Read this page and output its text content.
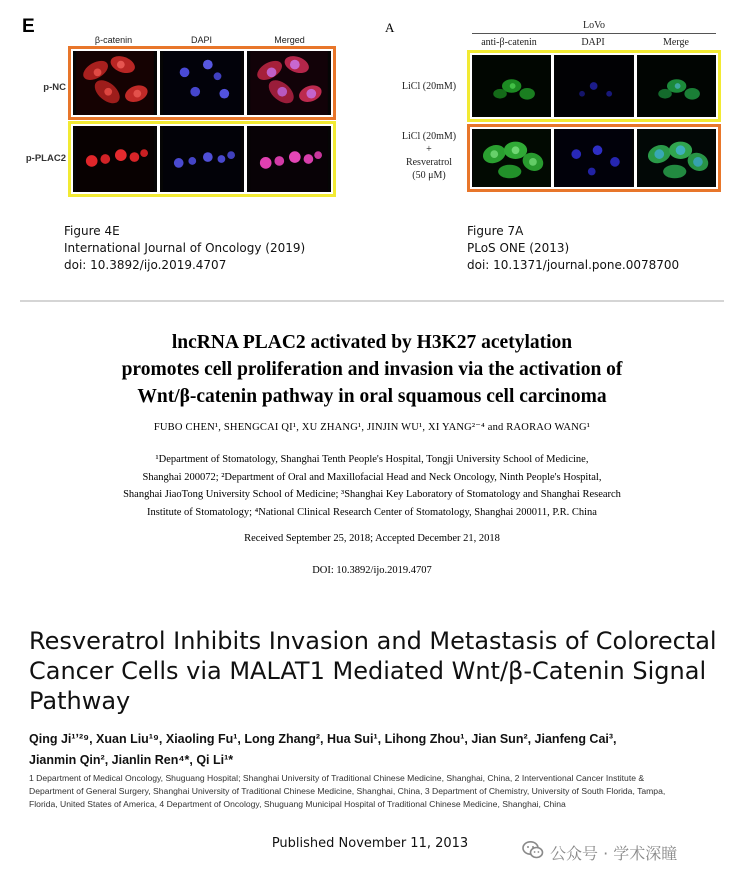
E
β-catenin	DAPI	Merged
p-NC
p-PLAC2
Figure 4E
International Journal of Oncology (2019)
doi: 10.3892/ijo.2019.4707
A	LoVo
anti-β-catenin	DAPI	Merge
LiCl (20mM)
LiCl (20mM)
+
Resveratrol
(50 μM)
Figure 7A
PLoS ONE (2013)
doi: 10.1371/journal.pone.0078700
lncRNA PLAC2 activated by H3K27 acetylation
promotes cell proliferation and invasion via the activation of
Wnt/β-catenin pathway in oral squamous cell carcinoma
FUBO CHEN¹, SHENGCAI QI¹, XU ZHANG¹, JINJIN WU¹, XI YANG²⁻⁴ and RAORAO WANG¹
¹Department of Stomatology, Shanghai Tenth People's Hospital, Tongji University School of Medicine,
Shanghai 200072; ²Department of Oral and Maxillofacial Head and Neck Oncology, Ninth People's Hospital,
Shanghai JiaoTong University School of Medicine; ³Shanghai Key Laboratory of Stomatology and Shanghai Research
Institute of Stomatology; ⁴National Clinical Research Center of Stomatology, Shanghai 200011, P.R. China
Received September 25, 2018; Accepted December 21, 2018
DOI: 10.3892/ijo.2019.4707
Resveratrol Inhibits Invasion and Metastasis of Colorectal
Cancer Cells via MALAT1 Mediated Wnt/β-Catenin Signal
Pathway
Qing Ji¹ʼ²⁹, Xuan Liu¹⁹, Xiaoling Fu¹, Long Zhang², Hua Sui¹, Lihong Zhou¹, Jian Sun², Jianfeng Cai³,
Jianmin Qin², Jianlin Ren⁴*, Qi Li¹*
1 Department of Medical Oncology, Shuguang Hospital; Shanghai University of Traditional Chinese Medicine, Shanghai, China, 2 Interventional Cancer Institute &
Department of General Surgery, Shanghai University of Traditional Chinese Medicine, Shanghai, China, 3 Department of Chemistry, University of South Florida, Tampa,
Florida, United States of America, 4 Department of Oncology, Shuguang Municipal Hospital of Traditional Chinese Medicine, Shanghai, China
Published November 11, 2013	公众号 · 学术深瞳
